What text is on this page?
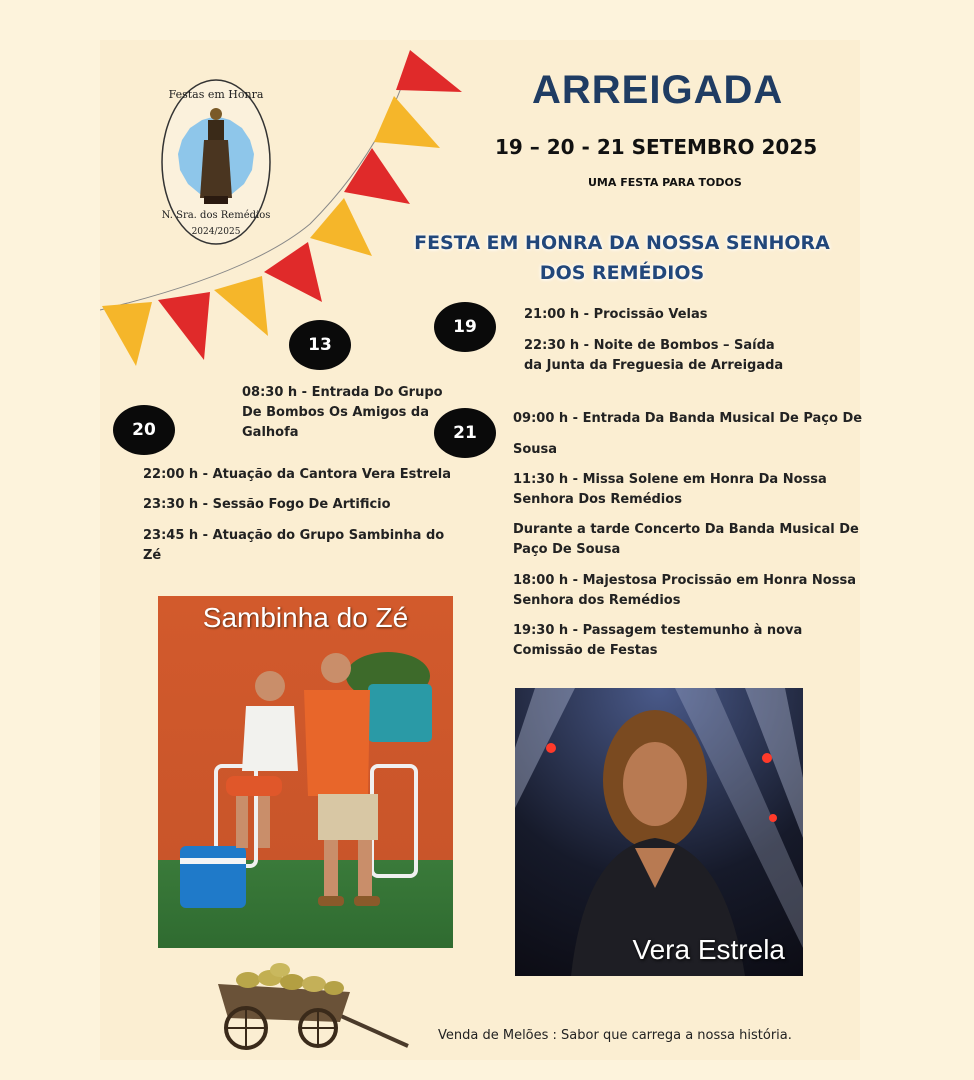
Festas em Honra
N. Sra. dos Remédios
2024/2025
ARREIGADA
19 – 20 - 21 SETEMBRO 2025
UMA FESTA PARA TODOS
FESTA EM HONRA DA NOSSA SENHORA
DOS REMÉDIOS
13
19
20	21
08:30 h - Entrada Do Grupo
De Bombos Os Amigos da
Galhofa
21:00 h - Procissão Velas
22:30 h - Noite de Bombos – Saída
da Junta da Freguesia de Arreigada
22:00 h - Atuação da Cantora Vera Estrela
23:30 h - Sessão Fogo De Artificio
23:45 h - Atuação do Grupo Sambinha do
Zé
09:00 h - Entrada Da Banda Musical De Paço De
Sousa
11:30 h - Missa Solene em Honra Da Nossa
Senhora Dos Remédios
Durante a tarde Concerto Da Banda Musical De
Paço De Sousa
18:00 h - Majestosa Procissão em Honra Nossa
Senhora dos Remédios
19:30 h - Passagem testemunho à nova
Comissão de Festas
Sambinha do Zé
Vera Estrela
Venda de Melões : Sabor que carrega a nossa história.
